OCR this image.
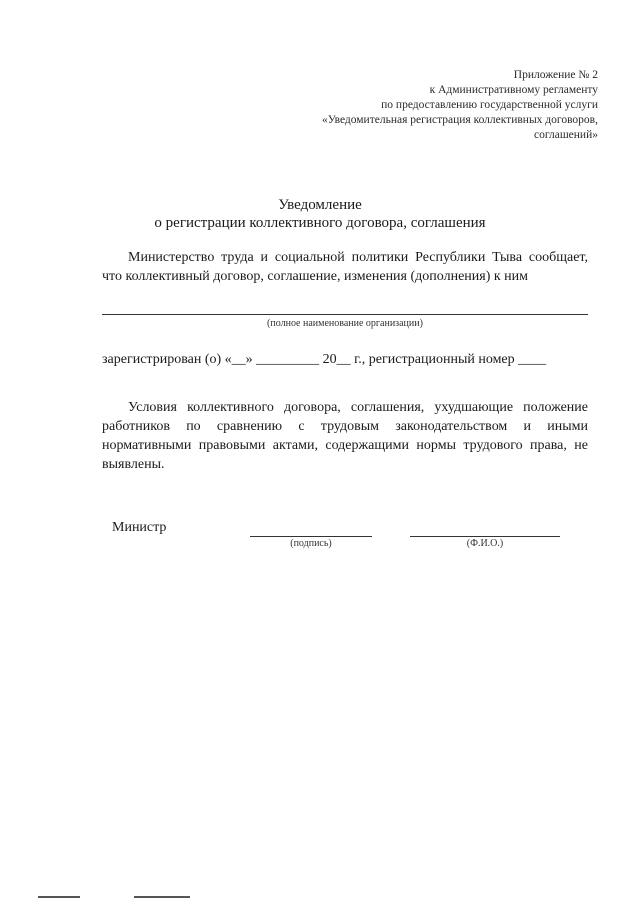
Приложение № 2
к Административному регламенту
по предоставлению государственной услуги
«Уведомительная регистрация коллективных договоров,
соглашений»
Уведомление
о регистрации коллективного договора, соглашения
Министерство труда и социальной политики Республики Тыва сообщает, что коллективный договор, соглашение, изменения (дополнения) к ним
(полное наименование организации)
зарегистрирован (о) «__» _________ 20__ г., регистрационный номер ____
Условия коллективного договора, соглашения, ухудшающие положение работников по сравнению с трудовым законодательством и иными нормативными правовыми актами, содержащими нормы трудового права, не выявлены.
Министр
(подпись)	(Ф.И.О.)
